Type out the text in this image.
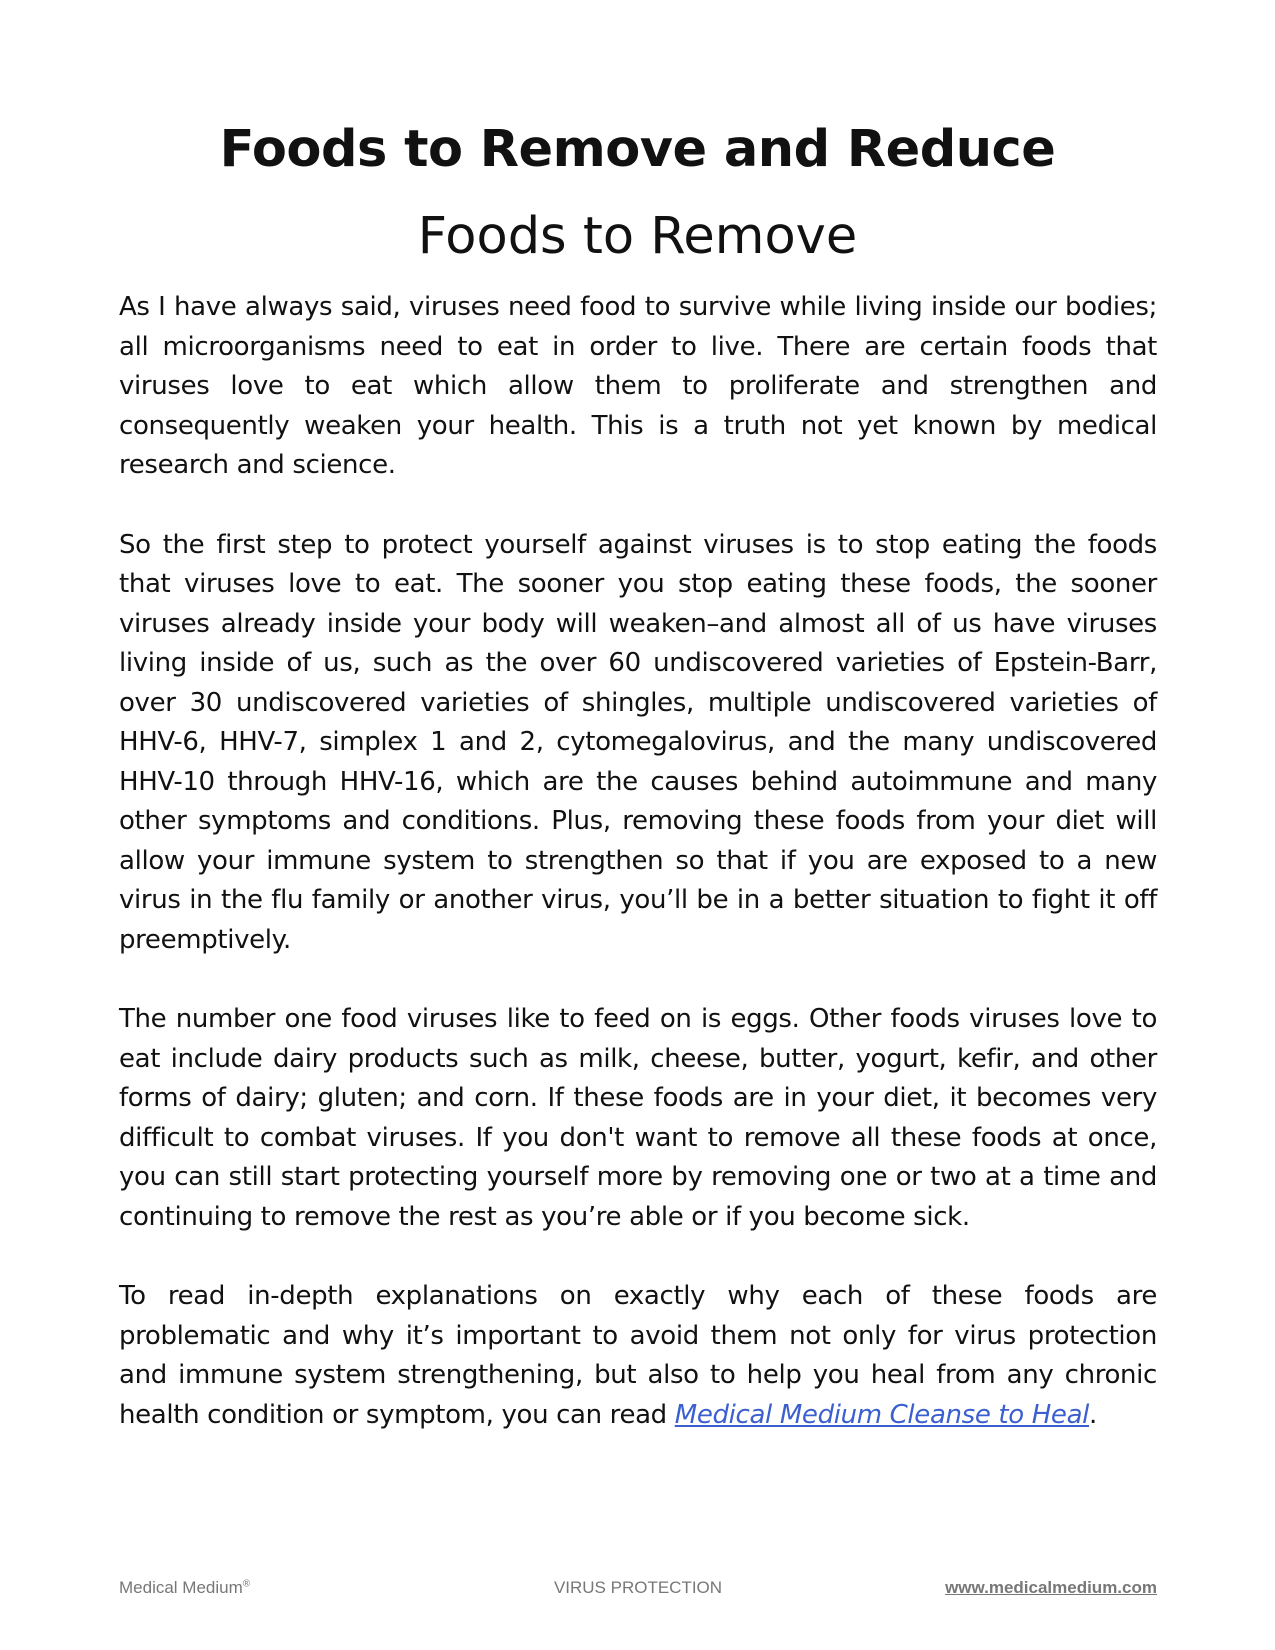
Foods to Remove and Reduce
Foods to Remove

As I have always said, viruses need food to survive while living inside our bodies; all microorganisms need to eat in order to live. There are certain foods that viruses love to eat which allow them to proliferate and strengthen and consequently weaken your health. This is a truth not yet known by medical research and science.

So the first step to protect yourself against viruses is to stop eating the foods that viruses love to eat. The sooner you stop eating these foods, the sooner viruses already inside your body will weaken–and almost all of us have viruses living inside of us, such as the over 60 undiscovered varieties of Epstein-Barr, over 30 undiscovered varieties of shingles, multiple undiscovered varieties of HHV-6, HHV-7, simplex 1 and 2, cytomegalovirus, and the many undiscovered HHV-10 through HHV-16, which are the causes behind autoimmune and many other symptoms and conditions. Plus, removing these foods from your diet will allow your immune system to strengthen so that if you are exposed to a new virus in the flu family or another virus, you’ll be in a better situation to fight it off preemptively.

The number one food viruses like to feed on is eggs. Other foods viruses love to eat include dairy products such as milk, cheese, butter, yogurt, kefir, and other forms of dairy; gluten; and corn. If these foods are in your diet, it becomes very difficult to combat viruses. If you don't want to remove all these foods at once, you can still start protecting yourself more by removing one or two at a time and continuing to remove the rest as you’re able or if you become sick.

To read in-depth explanations on exactly why each of these foods are problematic and why it’s important to avoid them not only for virus protection and immune system strengthening, but also to help you heal from any chronic health condition or symptom, you can read Medical Medium Cleanse to Heal.

Medical Medium®	VIRUS PROTECTION	www.medicalmedium.com
